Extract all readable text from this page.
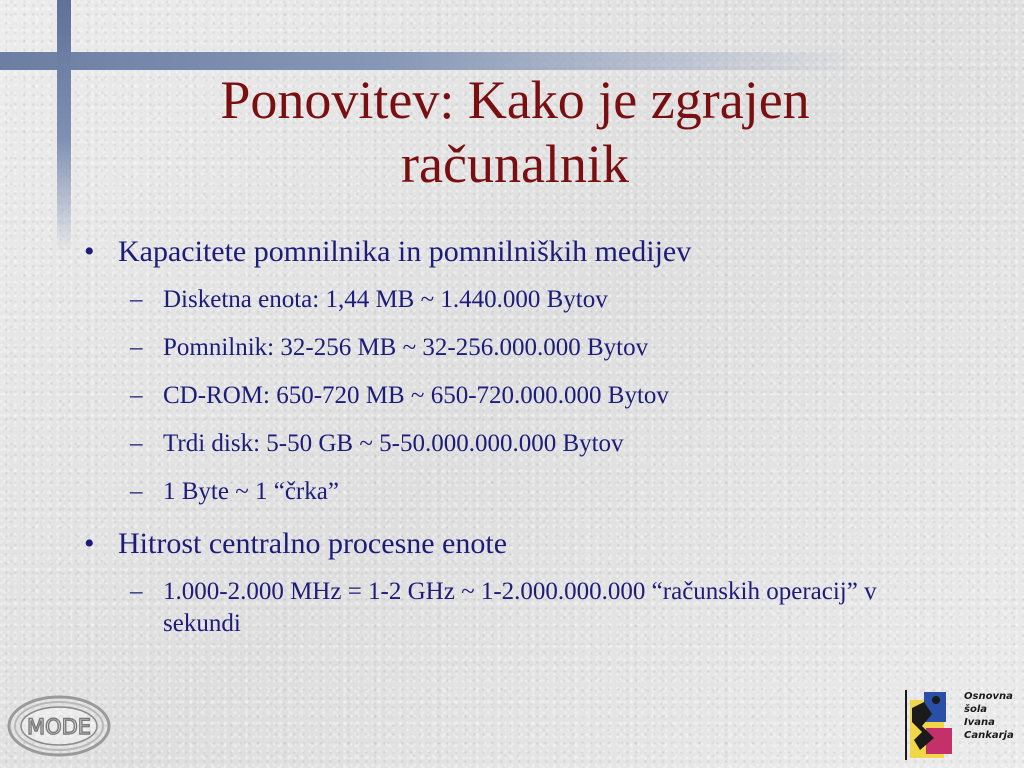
Ponovitev: Kako je zgrajen
računalnik
• Kapacitete pomnilnika in pomnilniških medijev
– Disketna enota: 1,44 MB ~ 1.440.000 Bytov
– Pomnilnik: 32-256 MB ~ 32-256.000.000 Bytov
– CD-ROM: 650-720 MB ~ 650-720.000.000 Bytov
– Trdi disk: 5-50 GB ~ 5-50.000.000.000 Bytov
– 1 Byte ~ 1 “črka”
• Hitrost centralno procesne enote
– 1.000-2.000 MHz = 1-2 GHz ~ 1-2.000.000.000 “računskih operacij” v sekundi
MODE
Osnovna
šola
Ivana
Cankarja
